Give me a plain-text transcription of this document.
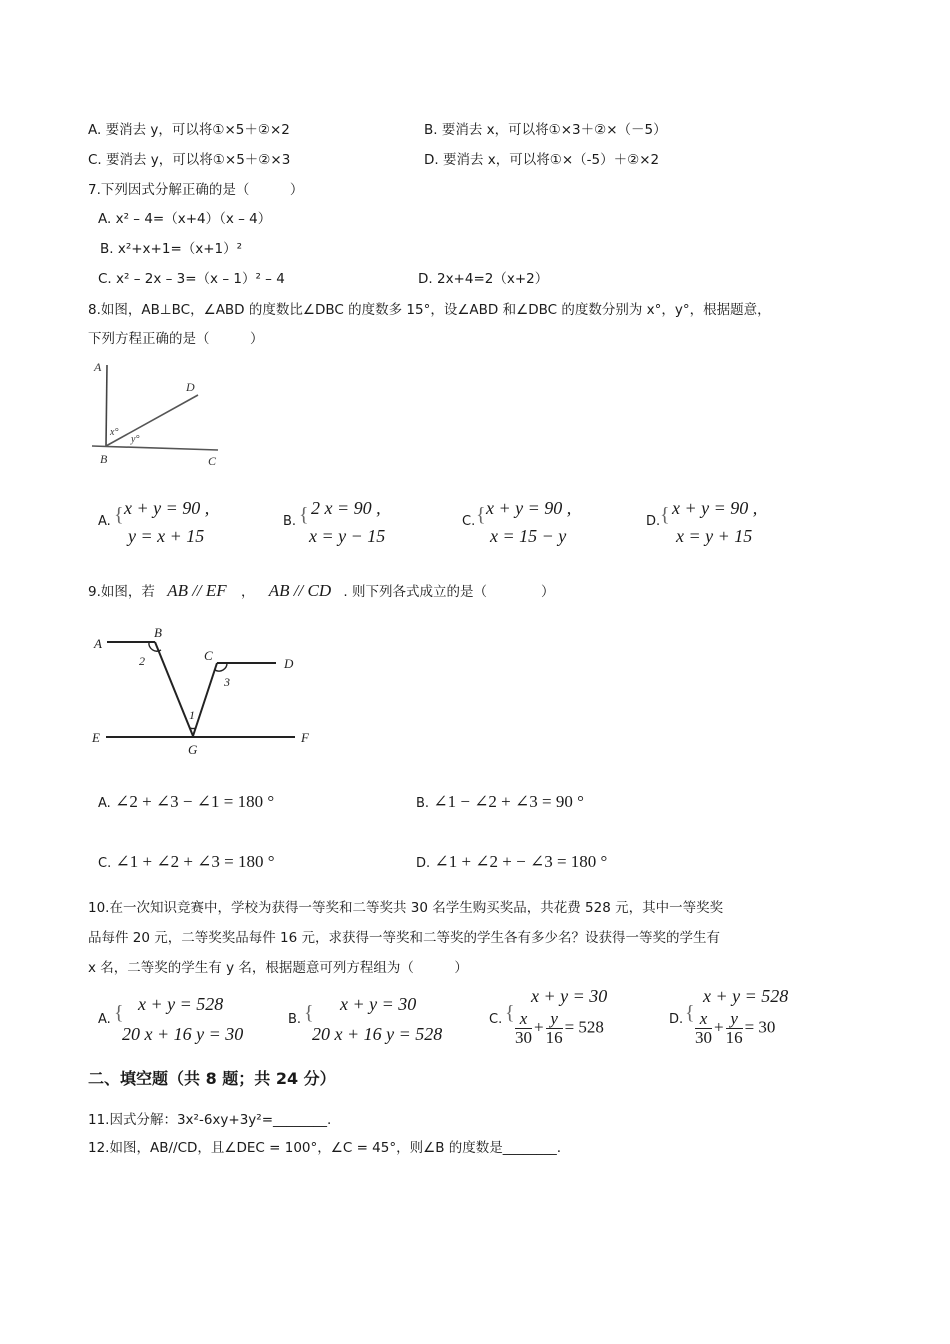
A. 要消去 y，可以将①×5＋②×2	B. 要消去 x，可以将①×3＋②×（－5）
C. 要消去 y，可以将①×5＋②×3	D. 要消去 x，可以将①×（-5）＋②×2
7.下列因式分解正确的是（　　　）
A. x² – 4=（x+4）（x – 4）
B. x²+x+1=（x+1）²
C. x² – 2x – 3=（x – 1）² – 4	D. 2x+4=2（x+2）
8.如图，AB⊥BC，∠ABD 的度数比∠DBC 的度数多 15°，设∠ABD 和∠DBC 的度数分别为 x°，y°，根据题意，
下列方程正确的是（　　　）
A
D
x°
y°
B	C
A. { x + y = 90 ,
y = x + 15
B. { 2 x = 90 ,
x = y − 15
C. { x + y = 90 ,
x = 15 − y
D. { x + y = 90 ,
x = y + 15
9.如图，若 AB // EF ， AB // CD . 则下列各式成立的是（　　　　）
A
B
2	C
3
D
1
E
G
F
A. ∠2 + ∠3 − ∠1 = 180 °	B. ∠1 − ∠2 + ∠3 = 90 °
C. ∠1 + ∠2 + ∠3 = 180 °	D. ∠1 + ∠2 + − ∠3 = 180 °
10.在一次知识竞赛中，学校为获得一等奖和二等奖共 30 名学生购买奖品，共花费 528 元，其中一等奖奖
品每件 20 元，二等奖奖品每件 16 元，求获得一等奖和二等奖的学生各有多少名？设获得一等奖的学生有
x 名，二等奖的学生有 y 名，根据题意可列方程组为（　　　）
A. { x + y = 528
20 x + 16 y = 30
B. { x + y = 30
20 x + 16 y = 528
C. {
x + y = 30
$\frac{x}{30} + \frac{y}{16} = 528$	D. {
x + y = 528
$\frac{x}{30} + \frac{y}{16} = 30$
二、填空题（共 8 题；共 24 分）
11.因式分解：3x²-6xy+3y²=________.
12.如图，AB//CD，且∠DEC = 100°，∠C = 45°，则∠B 的度数是________.
